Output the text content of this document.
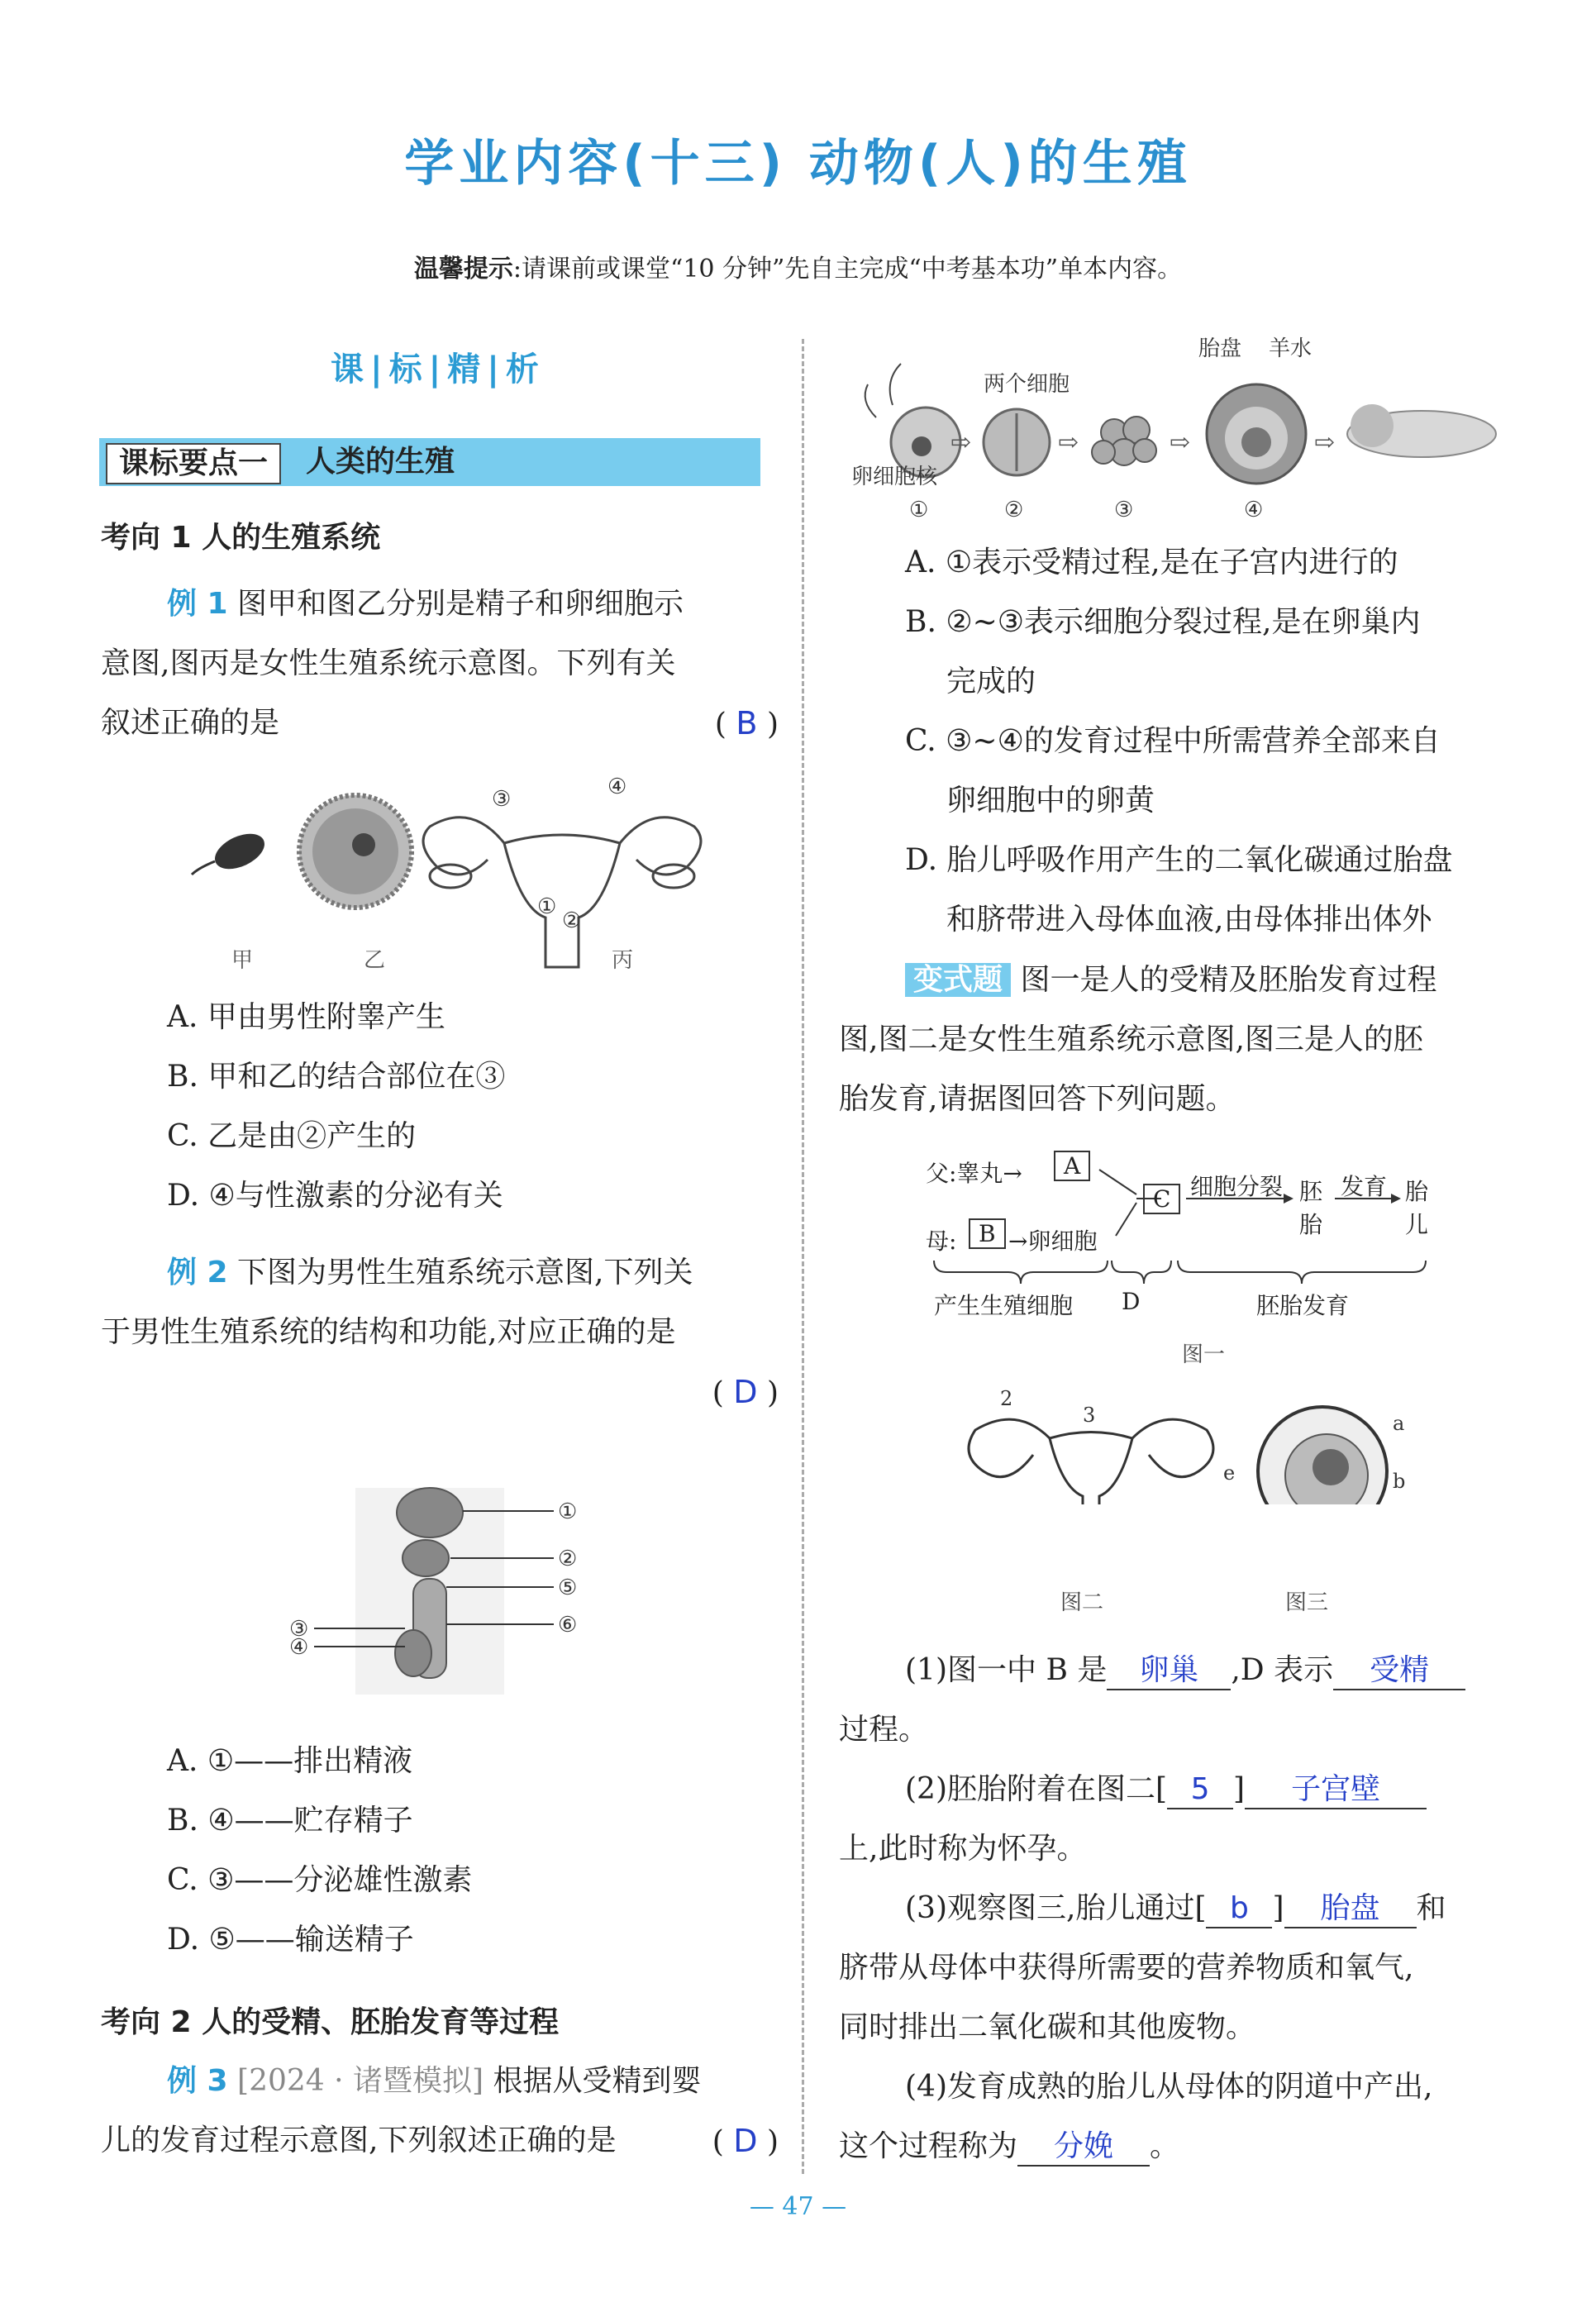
学业内容(十三) 动物(人)的生殖
温馨提示:请课前或课堂“10 分钟”先自主完成“中考基本功”单本内容。
课|标|精|析
课标要点一	人类的生殖
考向 1 人的生殖系统
例 1 图甲和图乙分别是精子和卵细胞示
意图,图丙是女性生殖系统示意图。下列有关
叙述正确的是	( B )
③	④
①
②
甲	乙	丙
A. 甲由男性附睾产生
B. 甲和乙的结合部位在③
C. 乙是由②产生的
D. ④与性激素的分泌有关
例 2 下图为男性生殖系统示意图,下列关
于男性生殖系统的结构和功能,对应正确的是
( D )
①
②
⑤
⑥
③
④
A. ①——排出精液
B. ④——贮存精子
C. ③——分泌雄性激素
D. ⑤——输送精子
考向 2 人的受精、胚胎发育等过程
例 3 [2024 · 诸暨模拟] 根据从受精到婴
儿的发育过程示意图,下列叙述正确的是	( D )
⇨	⇨	⇨	⇨
卵细胞核
两个细胞
胎盘 羊水
①	②	③	④
A. ①表示受精过程,是在子宫内进行的
B. ②~③表示细胞分裂过程,是在卵巢内
完成的
C. ③~④的发育过程中所需营养全部来自
卵细胞中的卵黄
D. 胎儿呼吸作用产生的二氧化碳通过胎盘
和脐带进入母体血液,由母体排出体外
变式题 图一是人的受精及胚胎发育过程
图,图二是女性生殖系统示意图,图三是人的胚
胎发育,请据图回答下列问题。
父:睾丸→	A
母: B →卵细胞
C 细胞分裂 胚
胎
发育 胎
儿
产生生殖细胞 D	胚胎发育
图一
2
3	a
b
e
图二	图三
(1)图一中 B 是 卵巢 ,D 表示 受精
过程。
(2)胚胎附着在图二[ 5 ] 子宫壁
上,此时称为怀孕。
(3)观察图三,胎儿通过[ b ] 胎盘 和
脐带从母体中获得所需要的营养物质和氧气,
同时排出二氧化碳和其他废物。
(4)发育成熟的胎儿从母体的阴道中产出,
这个过程称为 分娩 。
— 47 —
